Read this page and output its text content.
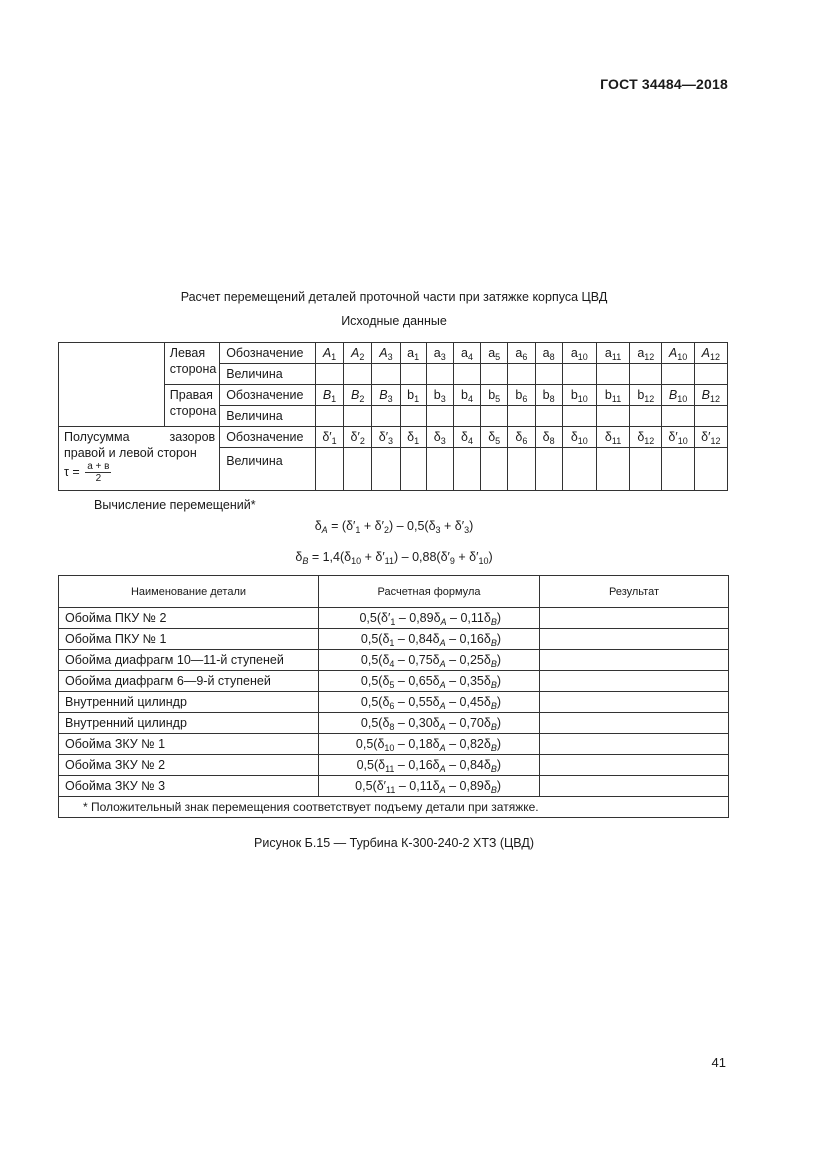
ГОСТ 34484—2018
Расчет перемещений деталей проточной части при затяжке корпуса ЦВД
Исходные данные
	Левая сторона	Обозначение	$A_1$	$A_2$	$A_3$	$a_1$	$a_3$	$a_4$	$a_5$	$a_6$	$a_8$	$a_{10}$	$a_{11}$	$a_{12}$	$A_{10}$	$A_{12}$
		Величина														
	Правая сторона	Обозначение	$B_1$	$B_2$	$B_3$	$b_1$	$b_3$	$b_4$	$b_5$	$b_6$	$b_8$	$b_{10}$	$b_{11}$	$b_{12}$	$B_{10}$	$B_{12}$
		Величина														

Полусумма зазоров правой и левой сторон
$\tau = \frac{a + в}{2}$		Обозначение	$\delta'_1$	$\delta'_2$	$\delta'_3$	$\delta_1$	$\delta_3$	$\delta_4$	$\delta_5$	$\delta_6$	$\delta_8$	$\delta_{10}$	$\delta_{11}$	$\delta_{12}$	$\delta'_{10}$	$\delta'_{12}$
		Величина														
Вычисление перемещений*
$\delta_A = (\delta'_1 + \delta'_2) - 0,5(\delta_3 + \delta'_3)$
$\delta_B = 1,4(\delta_{10} + \delta'_{11}) - 0,88(\delta'_9 + \delta'_{10})$
Наименование детали	Расчетная формула	Результат
Обойма ПКУ № 2	$0,5(\delta'_1 - 0,89\delta_A - 0,11\delta_B)$	
Обойма ПКУ № 1	$0,5(\delta_1 - 0,84\delta_A - 0,16\delta_B)$	
Обойма диафрагм 10—11-й ступеней	$0,5(\delta_4 - 0,75\delta_A - 0,25\delta_B)$	
Обойма диафрагм 6—9-й ступеней	$0,5(\delta_5 - 0,65\delta_A - 0,35\delta_B)$	
Внутренний цилиндр	$0,5(\delta_6 - 0,55\delta_A - 0,45\delta_B)$	
Внутренний цилиндр	$0,5(\delta_8 - 0,30\delta_A - 0,70\delta_B)$	
Обойма ЗКУ № 1	$0,5(\delta_{10} - 0,18\delta_A - 0,82\delta_B)$	
Обойма ЗКУ № 2	$0,5(\delta_{11} - 0,16\delta_A - 0,84\delta_B)$	
Обойма ЗКУ № 3	$0,5(\delta'_{11} - 0,11\delta_A - 0,89\delta_B)$	
* Положительный знак перемещения соответствует подъему детали при затяжке.		
Рисунок Б.15 — Турбина К-300-240-2 ХТЗ (ЦВД)
41
